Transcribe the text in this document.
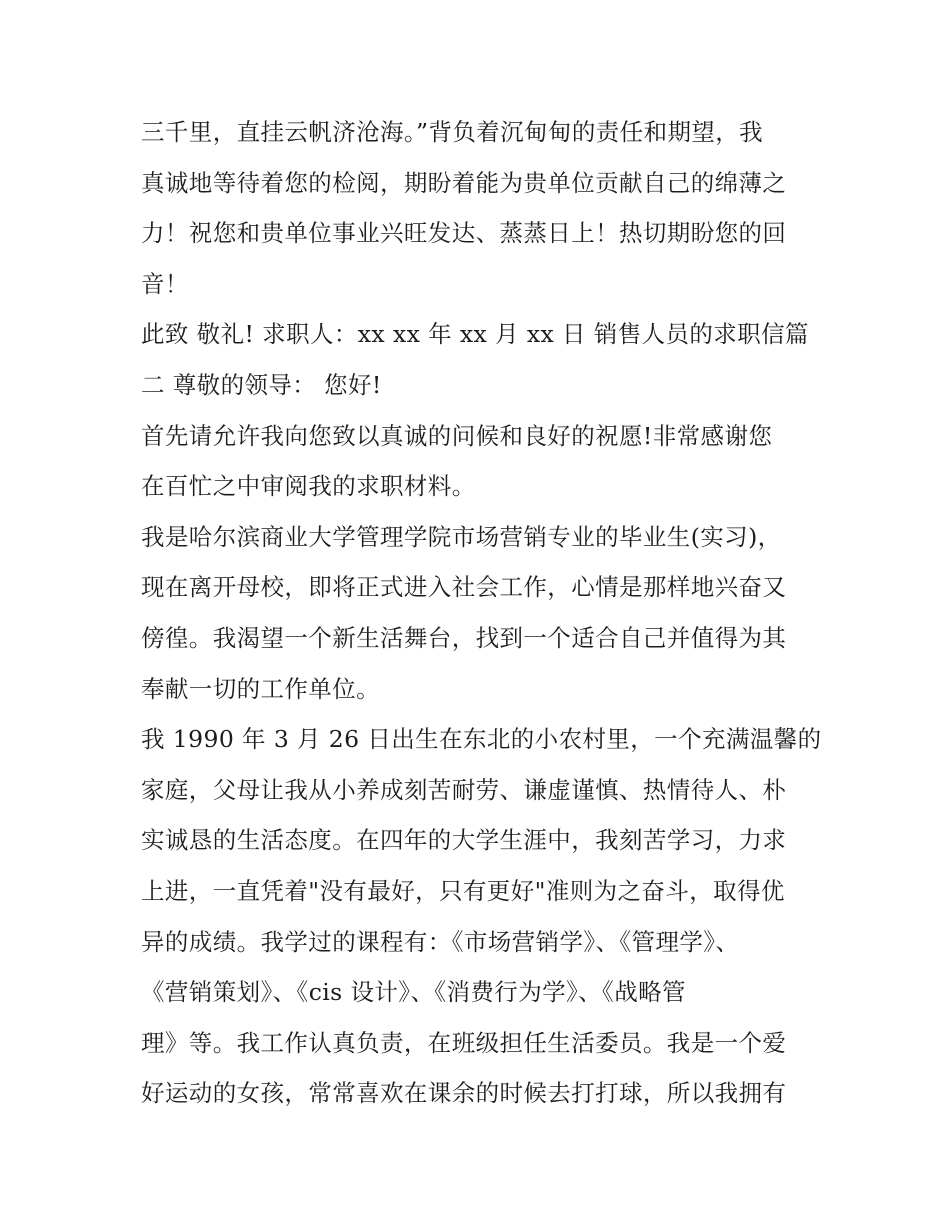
三千里，直挂云帆济沧海。”背负着沉甸甸的责任和期望，我
真诚地等待着您的检阅，期盼着能为贵单位贡献自己的绵薄之
力！祝您和贵单位事业兴旺发达、蒸蒸日上！热切期盼您的回
音！
此致 敬礼! 求职人：xx xx 年 xx 月 xx 日 销售人员的求职信篇
二 尊敬的领导： 您好!
首先请允许我向您致以真诚的问候和良好的祝愿!非常感谢您
在百忙之中审阅我的求职材料。
我是哈尔滨商业大学管理学院市场营销专业的毕业生(实习)，
现在离开母校，即将正式进入社会工作，心情是那样地兴奋又
傍徨。我渴望一个新生活舞台，找到一个适合自己并值得为其
奉献一切的工作单位。
我 1990 年 3 月 26 日出生在东北的小农村里，一个充满温馨的
家庭，父母让我从小养成刻苦耐劳、谦虚谨慎、热情待人、朴
实诚恳的生活态度。在四年的大学生涯中，我刻苦学习，力求
上进，一直凭着"没有最好，只有更好"准则为之奋斗，取得优
异的成绩。我学过的课程有：《市场营销学》、《管理学》、
《营销策划》、《cis 设计》、《消费行为学》、《战略管
理》等。我工作认真负责，在班级担任生活委员。我是一个爱
好运动的女孩，常常喜欢在课余的时候去打打球，所以我拥有
